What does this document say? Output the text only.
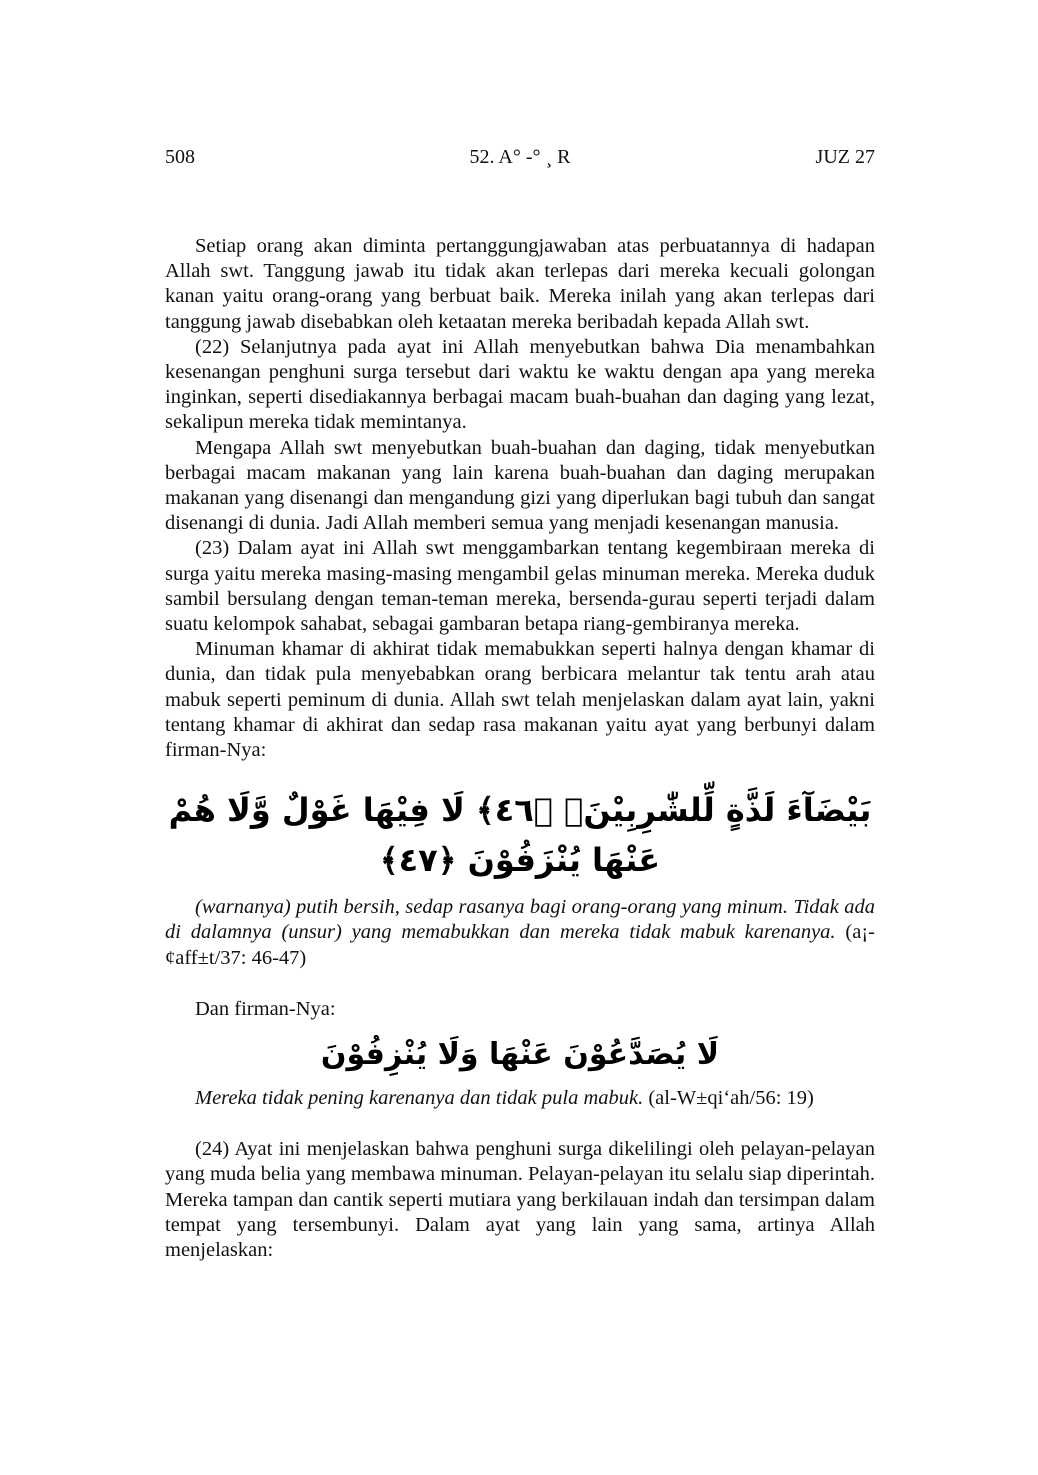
508	52. A° -° ¸ R	JUZ 27

Setiap orang akan diminta pertanggungjawaban atas perbuatannya di hadapan Allah swt. Tanggung jawab itu tidak akan terlepas dari mereka kecuali golongan kanan yaitu orang-orang yang berbuat baik. Mereka inilah yang akan terlepas dari tanggung jawab disebabkan oleh ketaatan mereka beribadah kepada Allah swt.

(22) Selanjutnya pada ayat ini Allah menyebutkan bahwa Dia menambahkan kesenangan penghuni surga tersebut dari waktu ke waktu dengan apa yang mereka inginkan, seperti disediakannya berbagai macam buah-buahan dan daging yang lezat, sekalipun mereka tidak memintanya.

Mengapa Allah swt menyebutkan buah-buahan dan daging, tidak menyebutkan berbagai macam makanan yang lain karena buah-buahan dan daging merupakan makanan yang disenangi dan mengandung gizi yang diperlukan bagi tubuh dan sangat disenangi di dunia. Jadi Allah memberi semua yang menjadi kesenangan manusia.

(23) Dalam ayat ini Allah swt menggambarkan tentang kegembiraan mereka di surga yaitu mereka masing-masing mengambil gelas minuman mereka. Mereka duduk sambil bersulang dengan teman-teman mereka, bersenda-gurau seperti terjadi dalam suatu kelompok sahabat, sebagai gambaran betapa riang-gembiranya mereka.

Minuman khamar di akhirat tidak memabukkan seperti halnya dengan khamar di dunia, dan tidak pula menyebabkan orang berbicara melantur tak tentu arah atau mabuk seperti peminum di dunia. Allah swt telah menjelaskan dalam ayat lain, yakni tentang khamar di akhirat dan sedap rasa makanan yaitu ayat yang berbunyi dalam firman-Nya:

بَيْضَآءَ لَذَّةٍ لِّلشّٰرِبِيْنَۚ ﴿٤٦﴾ لَا فِيْهَا غَوْلٌ وَّلَا هُمْ عَنْهَا يُنْزَفُوْنَ ﴿٤٧﴾

(warnanya) putih bersih, sedap rasanya bagi orang-orang yang minum. Tidak ada di dalamnya (unsur) yang memabukkan dan mereka tidak mabuk karenanya. (a¡-¢aff±t/37: 46-47)

Dan firman-Nya:

لَا يُصَدَّعُوْنَ عَنْهَا وَلَا يُنْزِفُوْنَ

Mereka tidak pening karenanya dan tidak pula mabuk. (al-W±qi‘ah/56: 19)

(24) Ayat ini menjelaskan bahwa penghuni surga dikelilingi oleh pelayan-pelayan yang muda belia yang membawa minuman. Pelayan-pelayan itu selalu siap diperintah. Mereka tampan dan cantik seperti mutiara yang berkilauan indah dan tersimpan dalam tempat yang tersembunyi. Dalam ayat yang lain yang sama, artinya Allah menjelaskan:
